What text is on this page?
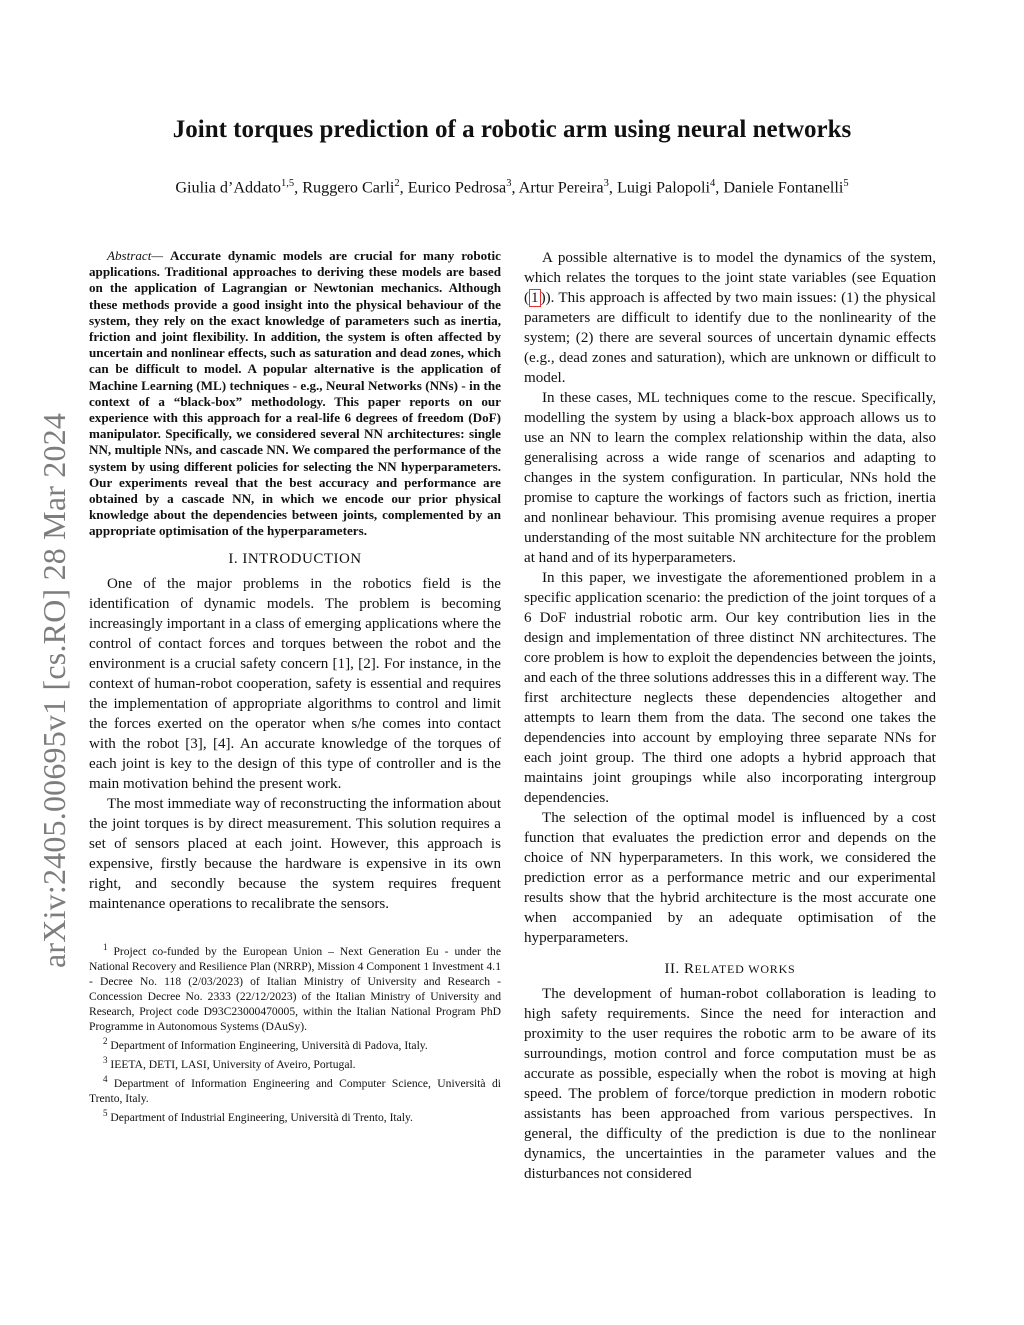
arXiv:2405.00695v1 [cs.RO] 28 Mar 2024
Joint torques prediction of a robotic arm using neural networks

Giulia d’Addato$^{1,5}$, Ruggero Carli$^2$, Eurico Pedrosa$^3$, Artur Pereira$^3$, Luigi Palopoli$^4$, Daniele Fontanelli$^5$

Abstract— Accurate dynamic models are crucial for many robotic applications. Traditional approaches to deriving these models are based on the application of Lagrangian or Newtonian mechanics. Although these methods provide a good insight into the physical behaviour of the system, they rely on the exact knowledge of parameters such as inertia, friction and joint flexibility. In addition, the system is often affected by uncertain and nonlinear effects, such as saturation and dead zones, which can be difficult to model. A popular alternative is the application of Machine Learning (ML) techniques - e.g., Neural Networks (NNs) - in the context of a “black-box” methodology. This paper reports on our experience with this approach for a real-life 6 degrees of freedom (DoF) manipulator. Specifically, we considered several NN architectures: single NN, multiple NNs, and cascade NN. We compared the performance of the system by using different policies for selecting the NN hyperparameters. Our experiments reveal that the best accuracy and performance are obtained by a cascade NN, in which we encode our prior physical knowledge about the dependencies between joints, complemented by an appropriate optimisation of the hyperparameters.

I. INTRODUCTION

One of the major problems in the robotics field is the identification of dynamic models. The problem is becoming increasingly important in a class of emerging applications where the control of contact forces and torques between the robot and the environment is a crucial safety concern [1], [2]. For instance, in the context of human-robot cooperation, safety is essential and requires the implementation of appropriate algorithms to control and limit the forces exerted on the operator when s/he comes into contact with the robot [3], [4]. An accurate knowledge of the torques of each joint is key to the design of this type of controller and is the main motivation behind the present work.

The most immediate way of reconstructing the information about the joint torques is by direct measurement. This solution requires a set of sensors placed at each joint. However, this approach is expensive, firstly because the hardware is expensive in its own right, and secondly because the system requires frequent maintenance operations to recalibrate the sensors.

$^1$ Project co-funded by the European Union – Next Generation Eu - under the National Recovery and Resilience Plan (NRRP), Mission 4 Component 1 Investment 4.1 - Decree No. 118 (2/03/2023) of Italian Ministry of University and Research - Concession Decree No. 2333 (22/12/2023) of the Italian Ministry of University and Research, Project code D93C23000470005, within the Italian National Program PhD Programme in Autonomous Systems (DAuSy).

$^2$ Department of Information Engineering, Università di Padova, Italy.

$^3$ IEETA, DETI, LASI, University of Aveiro, Portugal.

$^4$ Department of Information Engineering and Computer Science, Università di Trento, Italy.

$^5$ Department of Industrial Engineering, Università di Trento, Italy.

A possible alternative is to model the dynamics of the system, which relates the torques to the joint state variables (see Equation ( 1 )). This approach is affected by two main issues: (1) the physical parameters are difficult to identify due to the nonlinearity of the system; (2) there are several sources of uncertain dynamic effects (e.g., dead zones and saturation), which are unknown or difficult to model.

In these cases, ML techniques come to the rescue. Specifically, modelling the system by using a black-box approach allows us to use an NN to learn the complex relationship within the data, also generalising across a wide range of scenarios and adapting to changes in the system configuration. In particular, NNs hold the promise to capture the workings of factors such as friction, inertia and nonlinear behaviour. This promising avenue requires a proper understanding of the most suitable NN architecture for the problem at hand and of its hyperparameters.

In this paper, we investigate the aforementioned problem in a specific application scenario: the prediction of the joint torques of a 6 DoF industrial robotic arm. Our key contribution lies in the design and implementation of three distinct NN architectures. The core problem is how to exploit the dependencies between the joints, and each of the three solutions addresses this in a different way. The first architecture neglects these dependencies altogether and attempts to learn them from the data. The second one takes the dependencies into account by employing three separate NNs for each joint group. The third one adopts a hybrid approach that maintains joint groupings while also incorporating intergroup dependencies.

The selection of the optimal model is influenced by a cost function that evaluates the prediction error and depends on the choice of NN hyperparameters. In this work, we considered the prediction error as a performance metric and our experimental results show that the hybrid architecture is the most accurate one when accompanied by an adequate optimisation of the hyperparameters.

II. RELATED WORKS

The development of human-robot collaboration is leading to high safety requirements. Since the need for interaction and proximity to the user requires the robotic arm to be aware of its surroundings, motion control and force computation must be as accurate as possible, especially when the robot is moving at high speed. The problem of force/torque prediction in modern robotic assistants has been approached from various perspectives. In general, the difficulty of the prediction is due to the nonlinear dynamics, the uncertainties in the parameter values and the disturbances not considered
